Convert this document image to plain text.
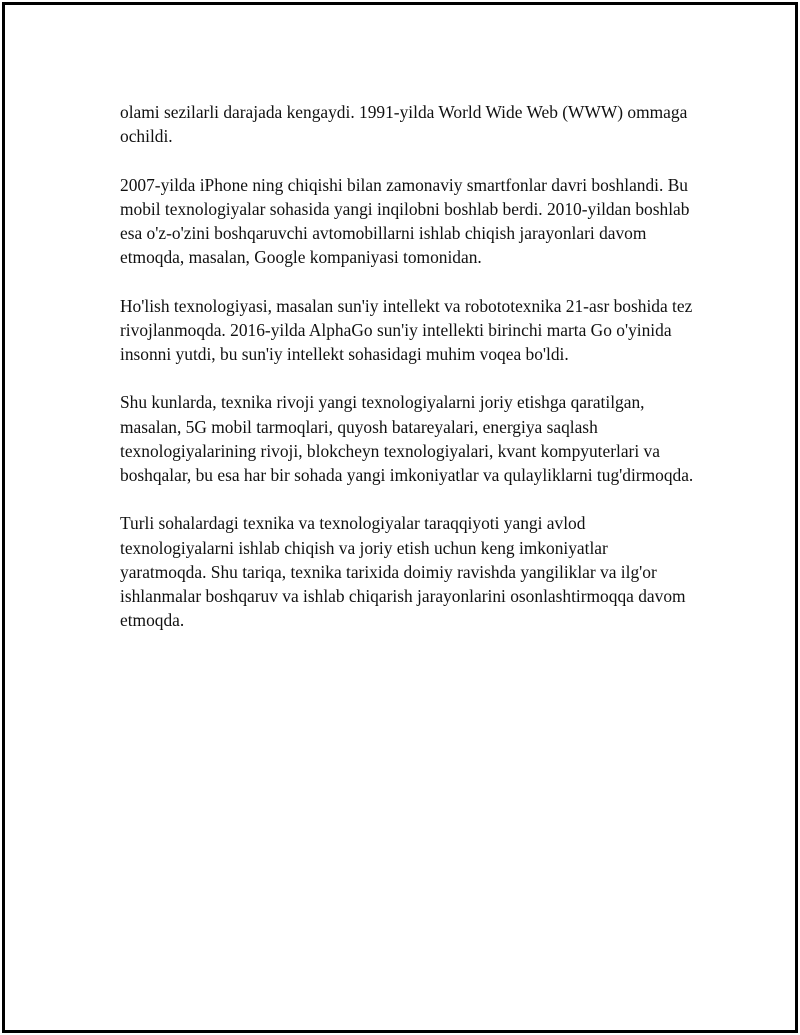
olami sezilarli darajada kengaydi. 1991-yilda World Wide Web (WWW) ommaga ochildi.

2007-yilda iPhone ning chiqishi bilan zamonaviy smartfonlar davri boshlandi. Bu mobil texnologiyalar sohasida yangi inqilobni boshlab berdi. 2010-yildan boshlab esa o'z-o'zini boshqaruvchi avtomobillarni ishlab chiqish jarayonlari davom etmoqda, masalan, Google kompaniyasi tomonidan.

Ho'lish texnologiyasi, masalan sun'iy intellekt va robototexnika 21-asr boshida tez rivojlanmoqda. 2016-yilda AlphaGo sun'iy intellekti birinchi marta Go o'yinida insonni yutdi, bu sun'iy intellekt sohasidagi muhim voqea bo'ldi.

Shu kunlarda, texnika rivoji yangi texnologiyalarni joriy etishga qaratilgan, masalan, 5G mobil tarmoqlari, quyosh batareyalari, energiya saqlash texnologiyalarining rivoji, blokcheyn texnologiyalari, kvant kompyuterlari va boshqalar, bu esa har bir sohada yangi imkoniyatlar va qulayliklarni tug'dirmoqda.

Turli sohalardagi texnika va texnologiyalar taraqqiyoti yangi avlod texnologiyalarni ishlab chiqish va joriy etish uchun keng imkoniyatlar yaratmoqda. Shu tariqa, texnika tarixida doimiy ravishda yangiliklar va ilg'or ishlanmalar boshqaruv va ishlab chiqarish jarayonlarini osonlashtirmoqqa davom etmoqda.
